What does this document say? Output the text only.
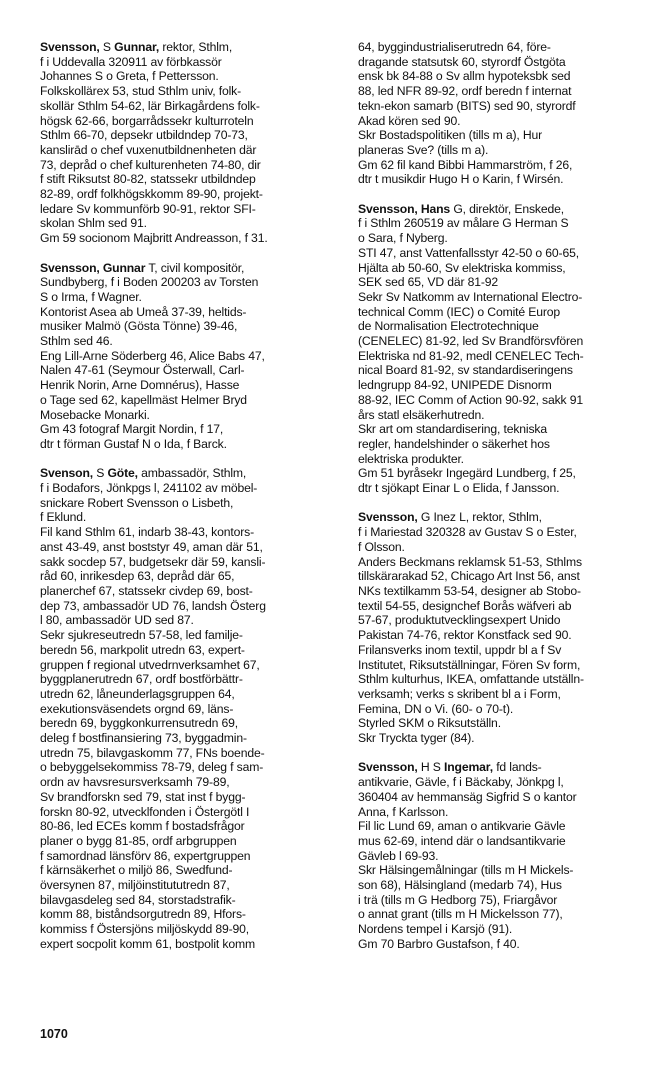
Svensson, S Gunnar, rektor, Sthlm,
f i Uddevalla 320911 av förbkassör
Johannes S o Greta, f Pettersson.
Folkskollärex 53, stud Sthlm univ, folk-
skollär Sthlm 54-62, lär Birkagårdens folk-
högsk 62-66, borgarrådssekr kulturroteln
Sthlm 66-70, depsekr utbildndep 70-73,
kanslirād o chef vuxenutbildnenheten där
73, depråd o chef kulturenheten 74-80, dir
f stift Riksutst 80-82, statssekr utbildndep
82-89, ordf folkhögskkomm 89-90, projekt-
ledare Sv kommunförb 90-91, rektor SFI-
skolan Shlm sed 91.
Gm 59 socionom Majbritt Andreasson, f 31.
Svensson, Gunnar T, civil kompositör,
Sundbyberg, f i Boden 200203 av Torsten
S o Irma, f Wagner.
Kontorist Asea ab Umeå 37-39, heltids-
musiker Malmö (Gösta Tönne) 39-46,
Sthlm sed 46.
Eng Lill-Arne Söderberg 46, Alice Babs 47,
Nalen 47-61 (Seymour Österwall, Carl-
Henrik Norin, Arne Domnérus), Hasse
o Tage sed 62, kapellmäst Helmer Bryd
Mosebacke Monarki.
Gm 43 fotograf Margit Nordin, f 17,
dtr t förman Gustaf N o Ida, f Barck.
Svenson, S Göte, ambassadör, Sthlm,
f i Bodafors, Jönkpgs l, 241102 av möbel-
snickare Robert Svensson o Lisbeth,
f Eklund.
Fil kand Sthlm 61, indarb 38-43, kontors-
anst 43-49, anst boststyr 49, aman där 51,
sakk socdep 57, budgetsekr där 59, kansli-
råd 60, inrikesdep 63, depråd där 65,
planerchef 67, statssekr civdep 69, bost-
dep 73, ambassadör UD 76, landsh Österg
l 80, ambassadör UD sed 87.
Sekr sjukreseutredn 57-58, led familje-
beredn 56, markpolit utredn 63, expert-
gruppen f regional utvedrnverksamhet 67,
byggplanerutredn 67, ordf bostförbättr-
utredn 62, låneunderlagsgruppen 64,
exekutionsväsendets orgnd 69, läns-
beredn 69, byggkonkurrensutredn 69,
deleg f bostfinansiering 73, byggadmin-
utredn 75, bilavgaskomm 77, FNs boende-
o bebyggelsekommiss 78-79, deleg f sam-
ordn av havsresursverksamh 79-89,
Sv brandforskn sed 79, stat inst f bygg-
forskn 80-92, utvecklfonden i Östergötl I
80-86, led ECEs komm f bostadsfrågor
planer o bygg 81-85, ordf arbgruppen
f samordnad länsförv 86, expertgruppen
f kärnsäkerhet o miljö 86, Swedfund-
översynen 87, miljöinstitututredn 87,
bilavgasdeleg sed 84, storstadstrafik-
komm 88, biståndsorgutredn 89, Hfors-
kommiss f Östersjöns miljöskydd 89-90,
expert socpolit komm 61, bostpolit komm
64, byggindustrialiserutredn 64, före-
dragande statsutsk 60, styrordf Östgöta
ensk bk 84-88 o Sv allm hypoteksbk sed
88, led NFR 89-92, ordf beredn f internat
tekn-ekon samarb (BITS) sed 90, styrordf
Akad kören sed 90.
Skr Bostadspolitiken (tills m a), Hur
planeras Sve? (tills m a).
Gm 62 fil kand Bibbi Hammarström, f 26,
dtr t musikdir Hugo H o Karin, f Wirsén.
Svensson, Hans G, direktör, Enskede,
f i Sthlm 260519 av målare G Herman S
o Sara, f Nyberg.
STI 47, anst Vattenfallsstyr 42-50 o 60-65,
Hjälta ab 50-60, Sv elektriska kommiss,
SEK sed 65, VD där 81-92
Sekr Sv Natkomm av International Electro-
technical Comm (IEC) o Comité Europ
de Normalisation Electrotechnique
(CENELEC) 81-92, led Sv Brandförsvfören
Elektriska nd 81-92, medl CENELEC Tech-
nical Board 81-92, sv standardiseringens
ledngrupp 84-92, UNIPEDE Disnorm
88-92, IEC Comm of Action 90-92, sakk 91
års statl elsäkerhutredn.
Skr art om standardisering, tekniska
regler, handelshinder o säkerhet hos
elektriska produkter.
Gm 51 byråsekr Ingegärd Lundberg, f 25,
dtr t sjökapt Einar L o Elida, f Jansson.
Svensson, G Inez L, rektor, Sthlm,
f i Mariestad 320328 av Gustav S o Ester,
f Olsson.
Anders Beckmans reklamsk 51-53, Sthlms
tillskärarakad 52, Chicago Art Inst 56, anst
NKs textilkamm 53-54, designer ab Stobo-
textil 54-55, designchef Borås wäfveri ab
57-67, produktutvecklingsexpert Unido
Pakistan 74-76, rektor Konstfack sed 90.
Frilansverks inom textil, uppdr bl a f Sv
Institutet, Riksutställningar, Fören Sv form,
Sthlm kulturhus, IKEA, omfattande utställn-
verksamh; verks s skribent bl a i Form,
Femina, DN o Vi. (60- o 70-t).
Styrled SKM o Riksutställn.
Skr Tryckta tyger (84).
Svensson, H S Ingemar, fd lands-
antikvarie, Gävle, f i Bäckaby, Jönkpg l,
360404 av hemmansäg Sigfrid S o kantor
Anna, f Karlsson.
Fil lic Lund 69, aman o antikvarie Gävle
mus 62-69, intend där o landsantikvarie
Gävleb l 69-93.
Skr Hälsingemålningar (tills m H Mickels-
son 68), Hälsingland (medarb 74), Hus
i trä (tills m G Hedborg 75), Friargåvor
o annat grant (tills m H Mickelsson 77),
Nordens tempel i Karsjö (91).
Gm 70 Barbro Gustafson, f 40.
1070
